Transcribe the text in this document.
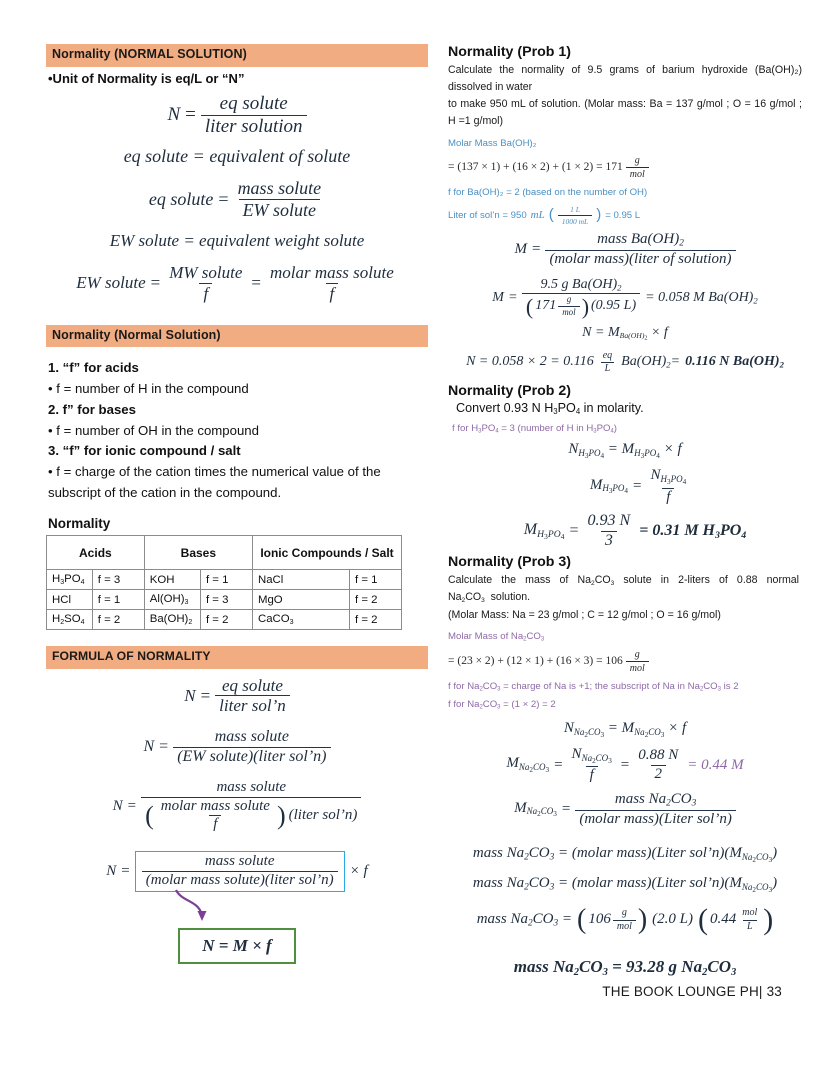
Normality (NORMAL SOLUTION)
•Unit of Normality is eq/L or “N”
$N = \frac{\text{eq solute}}{\text{liter solution}}$
eq solute = equivalent of solute
eq solute = $\frac{\text{mass solute}}{\text{EW solute}}$
EW solute = equivalent weight solute
EW solute = $\frac{\text{MW solute}}{f} = \frac{\text{molar mass solute}}{f}$
Normality (Normal Solution)
1. “f” for acids
• f = number of H in the compound
2. f” for bases
• f = number of OH in the compound
3. “f” for ionic compound / salt
• f = charge of the cation times the numerical value of the
subscript of the cation in the compound.
Normality
Acids		Bases		Ionic Compounds / Salt	
$H_3PO_4$	f = 3	KOH	f = 1	NaCl	f = 1
HCl	f = 1	$Al(OH)_3$	f = 3	MgO	f = 2
$H_2SO_4$	f = 2	$Ba(OH)_2$	f = 2	CaCO$_3$	f = 2
FORMULA OF NORMALITY
$N = \frac{\text{eq solute}}{\text{liter sol’n}}$
$N = \frac{\text{mass solute}}{\text{(EW solute)(liter sol’n)}}$
N =
mass solute
( $\frac{\text{molar mass solute}}{f}$ ) (liter sol’n)
$N = \frac{\text{mass solute}}{\text{(molar mass solute)(liter sol’n)}} \times f$
N = M × f
Normality (Prob 1)
Calculate the normality of 9.5 grams of barium hydroxide (Ba(OH)₂) dissolved in water
to make 950 mL of solution. (Molar mass: Ba = 137 g/mol ; O = 16 g/mol ; H =1 g/mol)
Molar Mass Ba(OH)₂
= $(137 \times 1) + (16 \times 2) + (1 \times 2) = 171 \frac{g}{\text{mol}}$
f for Ba(OH)₂ = 2 (based on the number of OH)
Liter of sol’n = 950 mL ( $\frac{1 L}{1000 mL}$ ) = 0.95 L
$M = \frac{mass Ba(OH)_2}{\text{(molar mass)(liter of solution)}}$
M =
9.5 g $Ba(OH)_2$
( $171 \frac{g}{\text{mol}}$ ) (0.95 L)
= 0.058 M $Ba(OH)_2$
$N = M_{Ba(OH)_2} \times f$
$N = 0.058 \times 2 = 0.116 \frac{eq}{L} Ba(OH)_2= 0.116$ N $Ba(OH)_2$
Normality (Prob 2)
Convert 0.93 N $H_3PO_4$ in molarity.
f for $H_3PO_4 = 3$ (number of H in $H_3PO_4$)
$N_{H_3PO_4} = M_{H_3PO_4} \times f$
$M_{H_3PO_4} = \frac{N_{H_3PO_4}}{f}$
$M_{H_3PO_4} = \frac{0.93 N}{3} = 0.31$ M $H_3PO_4$
Normality (Prob 3)
Calculate  the  mass  of  $Na_2CO_3$  solute  in  2-liters  of  0.88  normal  $Na_2CO_3$  solution.
(Molar Mass: Na = 23 g/mol ; C = 12 g/mol ; O = 16 g/mol)
Molar Mass of $Na_2CO_3$
= $(23 \times 2) + (12 \times 1) + (16 \times 3) = 106 \frac{g}{\text{mol}}$
f for $Na_2CO_3$ = charge of Na is +1; the subscript of Na in $Na_2CO_3$ is 2
f for $Na_2CO_3 = (1 \times 2) = 2$
$N_{Na_2CO_3} = M_{Na_2CO_3} \times f$
$M_{Na_2CO_3} = \frac{N_{Na_2CO_3}}{f} = \frac{0.88 N}{2} = 0.44$ M
$M_{Na_2CO_3} = \frac{mass Na_2CO_3}{\text{(molar mass)(Liter sol’n)}}$
mass $Na_2CO_3$ = (molar mass)(Liter $sol’n)(M_{Na_2CO_3})$
mass $Na_2CO_3$ = (molar mass)(Liter $sol’n)(M_{Na_2CO_3})$
mass $Na_2CO_3$ = ( $106 \frac{g}{\text{mol}}$ ) (2.0 L) ( $0.44 \frac{\text{mol}}{L}$ )
mass $Na_2CO_3 = 93.28$ g $Na_2CO_3$
THE BOOK LOUNGE PH| 33
